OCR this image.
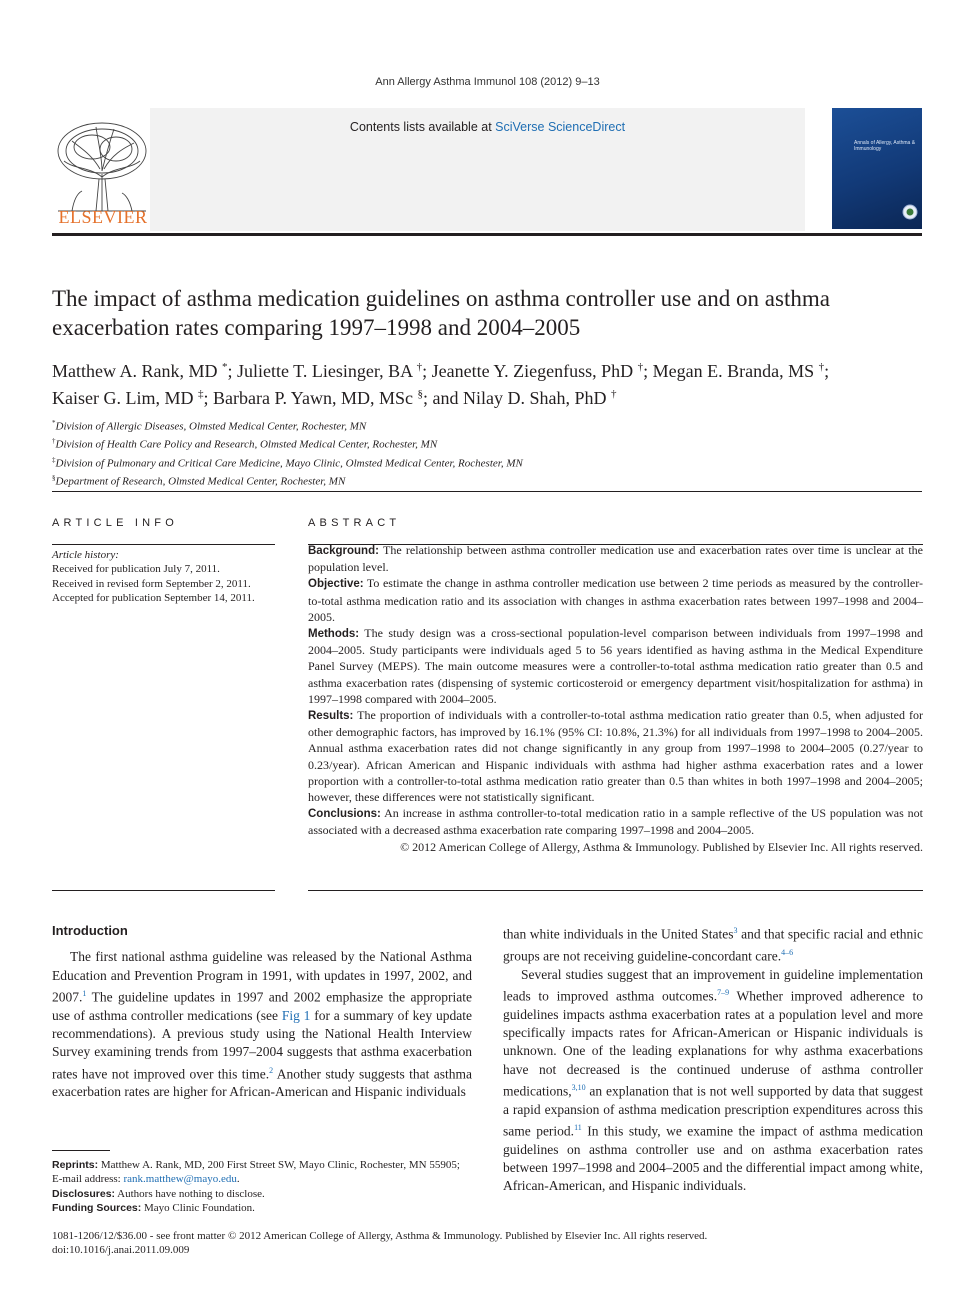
Ann Allergy Asthma Immunol 108 (2012) 9–13
Contents lists available at SciVerse ScienceDirect
ELSEVIER
Annals of Allergy, Asthma & Immunology
The impact of asthma medication guidelines on asthma controller use and on asthma exacerbation rates comparing 1997–1998 and 2004–2005
Matthew A. Rank, MD *; Juliette T. Liesinger, BA †; Jeanette Y. Ziegenfuss, PhD †; Megan E. Branda, MS †;
Kaiser G. Lim, MD ‡; Barbara P. Yawn, MD, MSc §; and Nilay D. Shah, PhD †
*Division of Allergic Diseases, Olmsted Medical Center, Rochester, MN
†Division of Health Care Policy and Research, Olmsted Medical Center, Rochester, MN
‡Division of Pulmonary and Critical Care Medicine, Mayo Clinic, Olmsted Medical Center, Rochester, MN
§Department of Research, Olmsted Medical Center, Rochester, MN
ARTICLE INFO
Article history:
Received for publication July 7, 2011.
Received in revised form September 2, 2011.
Accepted for publication September 14, 2011.
ABSTRACT

Background: The relationship between asthma controller medication use and exacerbation rates over time is unclear at the population level.

Objective: To estimate the change in asthma controller medication use between 2 time periods as measured by the controller-to-total asthma medication ratio and its association with changes in asthma exacerbation rates between 1997–1998 and 2004–2005.

Methods: The study design was a cross-sectional population-level comparison between individuals from 1997–1998 and 2004–2005. Study participants were individuals aged 5 to 56 years identified as having asthma in the Medical Expenditure Panel Survey (MEPS). The main outcome measures were a controller-to-total asthma medication ratio greater than 0.5 and asthma exacerbation rates (dispensing of systemic corticosteroid or emergency department visit/hospitalization for asthma) in 1997–1998 compared with 2004–2005.

Results: The proportion of individuals with a controller-to-total asthma medication ratio greater than 0.5, when adjusted for other demographic factors, has improved by 16.1% (95% CI: 10.8%, 21.3%) for all individuals from 1997–1998 to 2004–2005. Annual asthma exacerbation rates did not change significantly in any group from 1997–1998 to 2004–2005 (0.27/year to 0.23/year). African American and Hispanic individuals with asthma had higher asthma exacerbation rates and a lower proportion with a controller-to-total asthma medication ratio greater than 0.5 than whites in both 1997–1998 and 2004–2005; however, these differences were not statistically significant.

Conclusions: An increase in asthma controller-to-total medication ratio in a sample reflective of the US population was not associated with a decreased asthma exacerbation rate comparing 1997–1998 and 2004–2005.

© 2012 American College of Allergy, Asthma & Immunology. Published by Elsevier Inc. All rights reserved.

Introduction

The first national asthma guideline was released by the National Asthma Education and Prevention Program in 1991, with updates in 1997, 2002, and 2007.$^1$ The guideline updates in 1997 and 2002 emphasize the appropriate use of asthma controller medications (see Fig 1 for a summary of key update recommendations). A previous study using the National Health Interview Survey examining trends from 1997–2004 suggests that asthma exacerbation rates have not improved over this time.$^2$ Another study suggests that asthma exacerbation rates are higher for African-American and Hispanic individuals

than white individuals in the United States$^3$ and that specific racial and ethnic groups are not receiving guideline-concordant care.$^{4-6}$

Several studies suggest that an improvement in guideline implementation leads to improved asthma outcomes.$^{7-9}$ Whether improved adherence to guidelines impacts asthma exacerbation rates at a population level and more specifically impacts rates for African-American or Hispanic individuals is unknown. One of the leading explanations for why asthma exacerbations have not decreased is the continued underuse of asthma controller medications,$^{3,10}$ an explanation that is not well supported by data that suggest a rapid expansion of asthma medication prescription expenditures across this same period.$^{11}$ In this study, we examine the impact of asthma medication guidelines on asthma controller use and on asthma exacerbation rates between 1997–1998 and 2004–2005 and the differential impact among white, African-American, and Hispanic individuals.

Reprints: Matthew A. Rank, MD, 200 First Street SW, Mayo Clinic, Rochester, MN 55905; E-mail address: rank.matthew@mayo.edu.
Disclosures: Authors have nothing to disclose.
Funding Sources: Mayo Clinic Foundation.
1081-1206/12/$36.00 - see front matter © 2012 American College of Allergy, Asthma & Immunology. Published by Elsevier Inc. All rights reserved.
doi:10.1016/j.anai.2011.09.009
